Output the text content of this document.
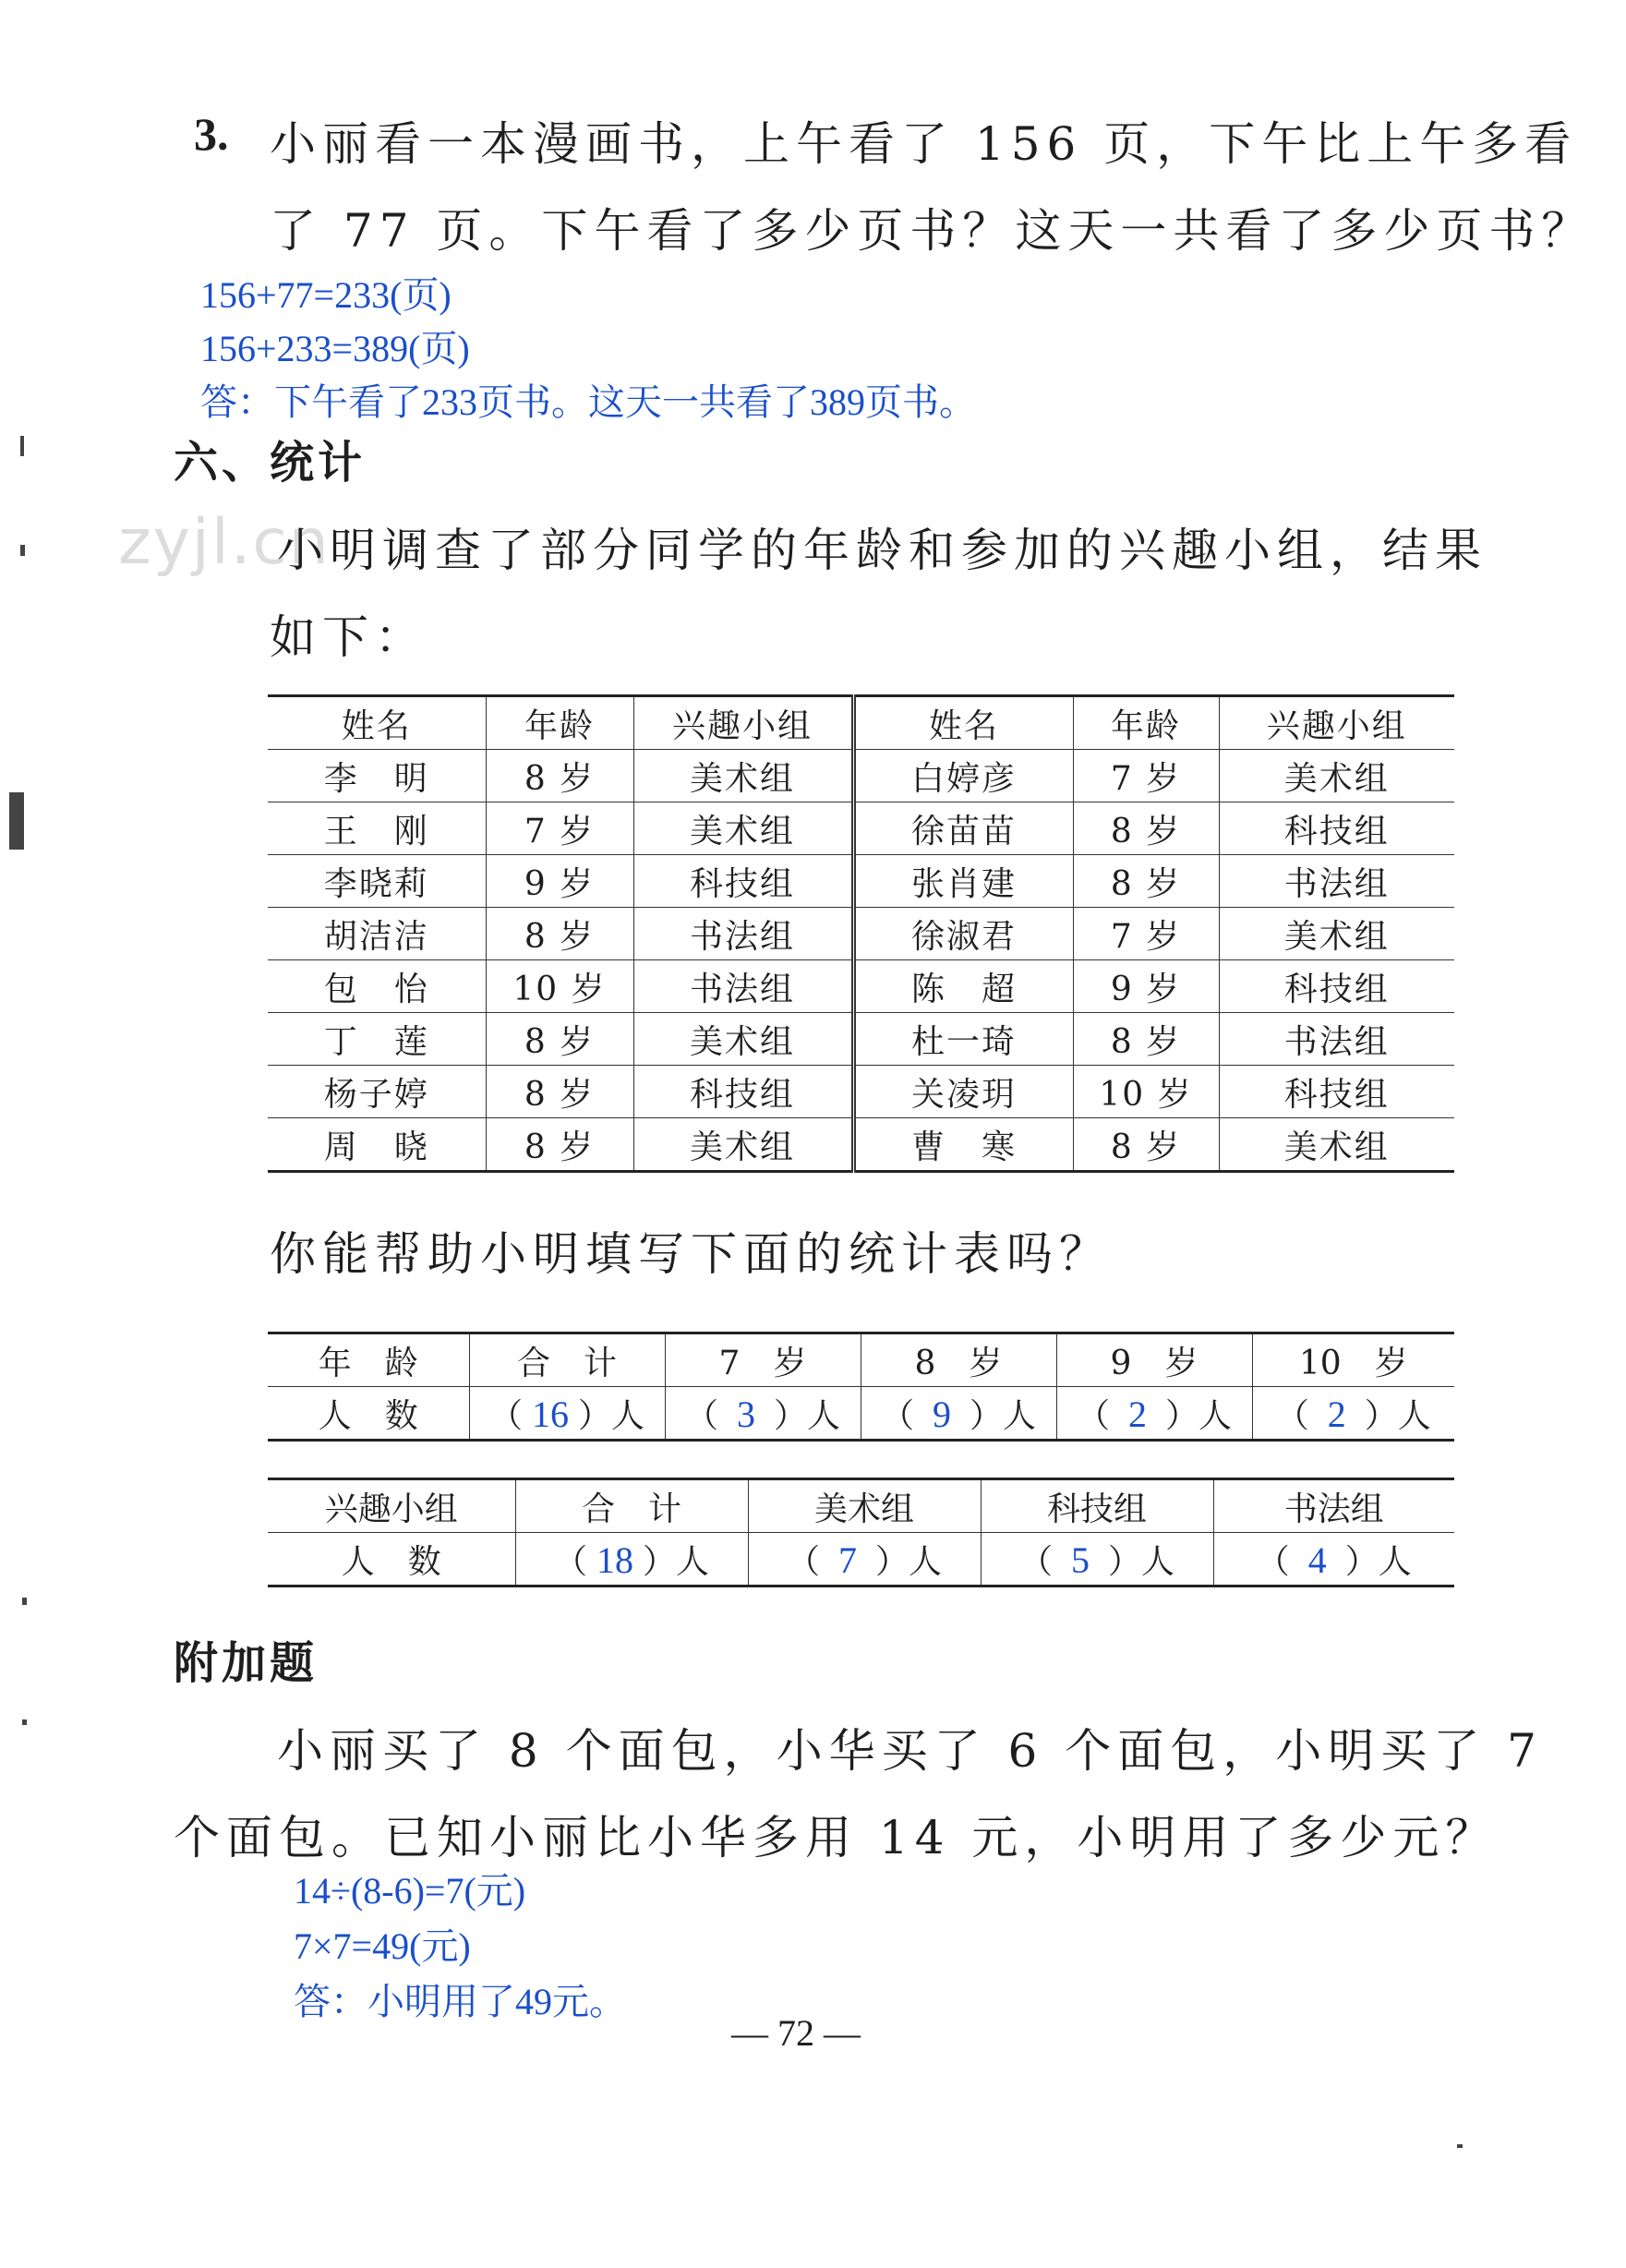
3. 小丽看一本漫画书，上午看了 156 页，下午比上午多看
了 77 页。下午看了多少页书？这天一共看了多少页书？
156+77=233(页)
156+233=389(页)
答：下午看了233页书。这天一共看了389页书。
六、统计
zyjl.cn
小明调查了部分同学的年龄和参加的兴趣小组，结果
如下：
姓名	年龄	兴趣小组	姓名	年龄	兴趣小组
李　明	8 岁	美术组	白婷彦	7 岁	美术组
王　刚	7 岁	美术组	徐苗苗	8 岁	科技组
李晓莉	9 岁	科技组	张肖建	8 岁	书法组
胡洁洁	8 岁	书法组	徐淑君	7 岁	美术组
包　怡	10 岁	书法组	陈　超	9 岁	科技组
丁　莲	8 岁	美术组	杜一琦	8 岁	书法组
杨子婷	8 岁	科技组	关凌玥	10 岁	科技组
周　晓	8 岁	美术组	曹　寒	8 岁	美术组
你能帮助小明填写下面的统计表吗？
年　龄	合　计	7　岁	8　岁	9　岁	10　岁
人　数	（ 16 ）人	（ 3 ）人	（ 9 ）人	（ 2 ）人	（ 2 ）人
兴趣小组	合　计	美术组	科技组	书法组
人　数	（ 18 ）人	（ 7 ）人	（ 5 ）人	（ 4 ）人
附加题
小丽买了 8 个面包，小华买了 6 个面包，小明买了 7
个面包。已知小丽比小华多用 14 元，小明用了多少元？
14÷(8-6)=7(元)
7×7=49(元)
答：小明用了49元。
— 72 —
